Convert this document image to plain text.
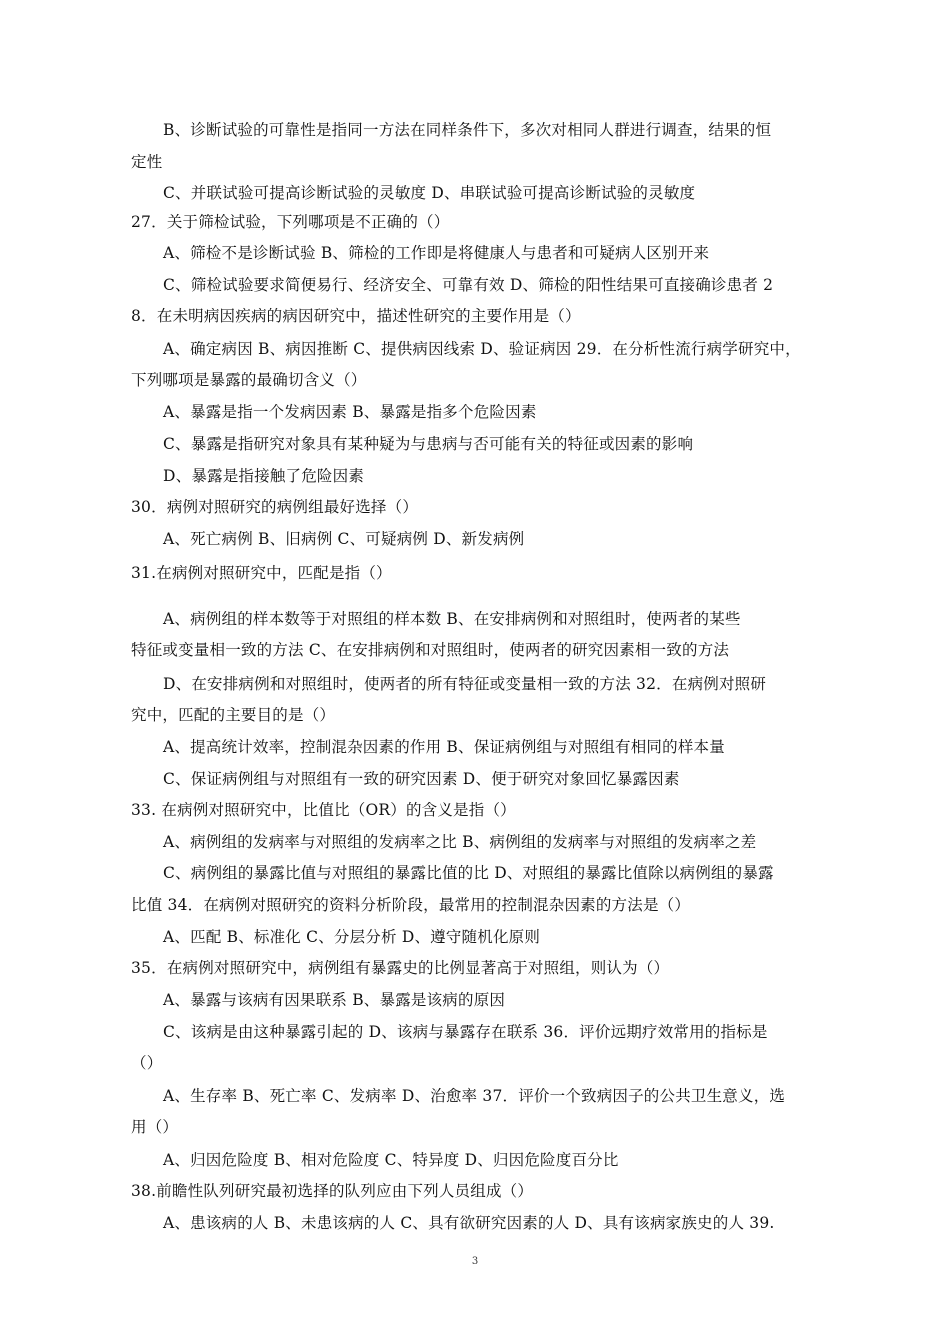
B、诊断试验的可靠性是指同一方法在同样条件下，多次对相同人群进行调查，结果的恒
定性
C、并联试验可提高诊断试验的灵敏度 D、串联试验可提高诊断试验的灵敏度
27．关于筛检试验，下列哪项是不正确的（）
A、筛检不是诊断试验 B、筛检的工作即是将健康人与患者和可疑病人区别开来
C、筛检试验要求简便易行、经济安全、可靠有效 D、筛检的阳性结果可直接确诊患者 2
8．在未明病因疾病的病因研究中，描述性研究的主要作用是（）
A、确定病因 B、病因推断 C、提供病因线索 D、验证病因 29．在分析性流行病学研究中，
下列哪项是暴露的最确切含义（）
A、暴露是指一个发病因素 B、暴露是指多个危险因素
C、暴露是指研究对象具有某种疑为与患病与否可能有关的特征或因素的影响
D、暴露是指接触了危险因素
30．病例对照研究的病例组最好选择（）
A、死亡病例 B、旧病例 C、可疑病例 D、新发病例
31.在病例对照研究中，匹配是指（）
A、病例组的样本数等于对照组的样本数 B、在安排病例和对照组时，使两者的某些
特征或变量相一致的方法 C、在安排病例和对照组时，使两者的研究因素相一致的方法
D、在安排病例和对照组时，使两者的所有特征或变量相一致的方法 32．在病例对照研
究中，匹配的主要目的是（）
A、提高统计效率，控制混杂因素的作用 B、保证病例组与对照组有相同的样本量
C、保证病例组与对照组有一致的研究因素 D、便于研究对象回忆暴露因素
33. 在病例对照研究中，比值比（OR）的含义是指（）
A、病例组的发病率与对照组的发病率之比 B、病例组的发病率与对照组的发病率之差
C、病例组的暴露比值与对照组的暴露比值的比 D、对照组的暴露比值除以病例组的暴露
比值 34．在病例对照研究的资料分析阶段，最常用的控制混杂因素的方法是（）
A、匹配 B、标准化 C、分层分析 D、遵守随机化原则
35．在病例对照研究中，病例组有暴露史的比例显著高于对照组，则认为（）
A、暴露与该病有因果联系 B、暴露是该病的原因
C、该病是由这种暴露引起的 D、该病与暴露存在联系 36．评价远期疗效常用的指标是
（）
A、生存率 B、死亡率 C、发病率 D、治愈率 37．评价一个致病因子的公共卫生意义，选
用（）
A、归因危险度 B、相对危险度 C、特异度 D、归因危险度百分比
38.前瞻性队列研究最初选择的队列应由下列人员组成（）
A、患该病的人 B、未患该病的人 C、具有欲研究因素的人 D、具有该病家族史的人 39.
3
